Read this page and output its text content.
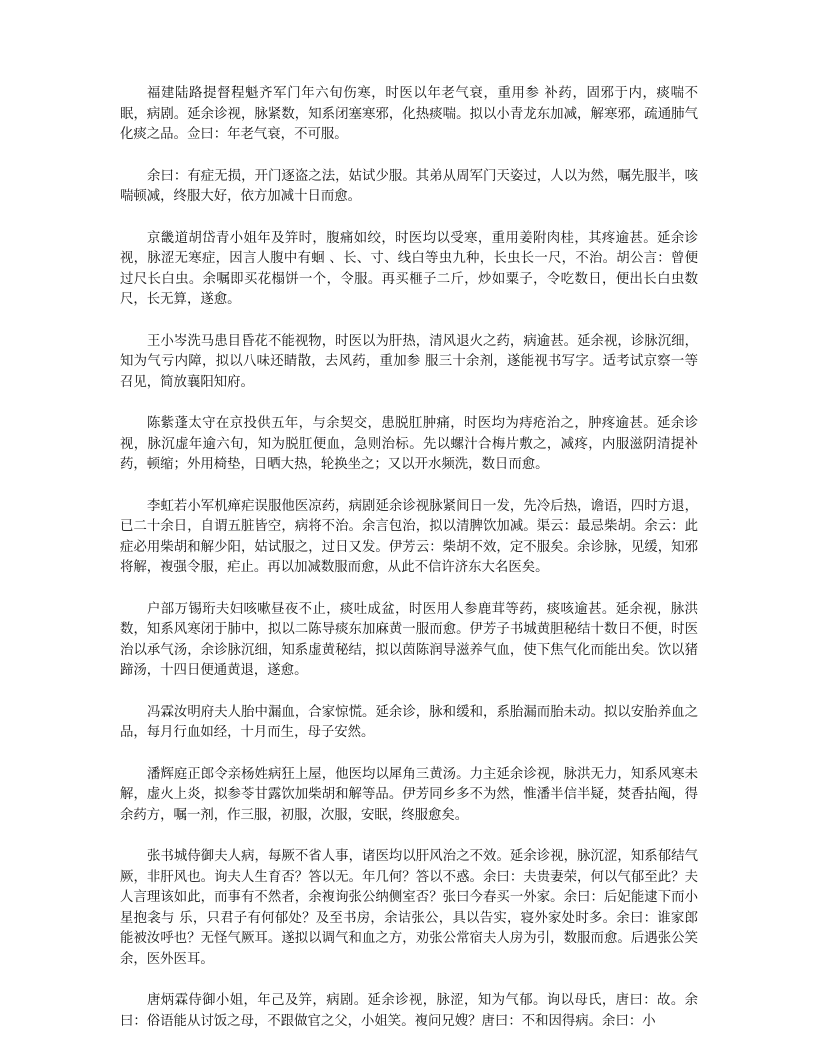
福建陆路提督程魁齐军门年六旬伤寒，时医以年老气衰，重用参 补药，固邪于内，痰喘不眠，病剧。延余诊视，脉紧数，知系闭塞寒邪，化热痰喘。拟以小青龙东加减，解寒邪，疏通肺气化痰之品。佥曰：年老气衰，不可服。

余曰：有症无损，开门逐盗之法，姑试少服。其弟从周军门天姿过，人以为然，嘱先服半，咳喘顿减，终服大好，依方加减十日而愈。

京畿道胡岱青小姐年及笄时，腹痛如绞，时医均以受寒，重用姜附肉桂，其疼逾甚。延余诊视，脉涩无寒症，因言人腹中有蛔 、长、寸、线白等虫九种，长虫长一尺，不治。胡公言：曾便过尺长白虫。余嘱即买花榻饼一个，令服。再买榧子二斤，炒如粟子，令吃数日，便出长白虫数尺，长无算，遂愈。

王小岑洗马患目昏花不能视物，时医以为肝热，清风退火之药，病逾甚。延余视，诊脉沉细，知为气亏内障，拟以八味还睛散，去风药，重加参 服三十余剂，遂能视书写字。适考试京察一等召见，简放襄阳知府。

陈紫蓬太守在京投供五年，与余契交，患脱肛肿痛，时医均为痔疮治之，肿疼逾甚。延余诊视，脉沉虚年逾六旬，知为脱肛便血，急则治标。先以螺汁合梅片敷之，减疼，内服滋阴清提补药，顿缩；外用椅垫，日晒大热，轮换坐之；又以开水频洗，数日而愈。

李虹若小军机瘅疟误服他医凉药，病剧延余诊视脉紧间日一发，先冷后热，谵语，四时方退，已二十余日，自谓五脏皆空，病将不治。余言包治，拟以清脾饮加减。渠云：最忌柴胡。余云：此症必用柴胡和解少阳，姑试服之，过日又发。伊芳云：柴胡不效，定不服矣。余诊脉，见缓，知邪将解，複强令服，疟止。再以加减数服而愈，从此不信许济东大名医矣。

户部万锡珩夫妇咳嗽昼夜不止，痰吐成盆，时医用人参鹿茸等药，痰咳逾甚。延余视，脉洪数，知系风寒闭于肺中，拟以二陈导痰东加麻黄一服而愈。伊芳子书城黄胆秘结十数日不便，时医治以承气汤，余诊脉沉细，知系虚黄秘结，拟以茵陈润导滋养气血，使下焦气化而能出矣。饮以猪蹄汤，十四日便通黄退，遂愈。

冯霖汝明府夫人胎中漏血，合家惊慌。延余诊，脉和缓和，系胎漏而胎未动。拟以安胎养血之品，每月行血如经，十月而生，母子安然。

潘辉庭正郎令亲杨姓病狂上屋，他医均以犀角三黄汤。力主延余诊视，脉洪无力，知系风寒未解，虚火上炎，拟参苓甘露饮加柴胡和解等品。伊芳同乡多不为然，惟潘半信半疑，焚香拈阄，得余药方，嘱一剂，作三服，初服，次服，安眠，终服愈矣。

张书城侍御夫人病，每厥不省人事，诸医均以肝风治之不效。延余诊视，脉沉涩，知系郁结气厥，非肝风也。询夫人生育否？答以无。年几何？答以不惑。余曰：夫贵妻荣，何以气郁至此？夫人言理该如此，而事有不然者，余複询张公纳侧室否？张曰今春买一外家。余曰：后妃能逮下而小星抱衾与 乐，只君子有何郁处？及至书房，余诘张公，具以告实，寝外家处时多。余曰：谁家郎能被汝呼也？无怪气厥耳。遂拟以调气和血之方，劝张公常宿夫人房为引，数服而愈。后遇张公笑余，医外医耳。

唐炳霖侍御小姐，年己及笄，病剧。延余诊视，脉涩，知为气郁。询以母氏，唐曰：故。余曰：俗语能从讨饭之母，不跟做官之父，小姐笑。複问兄嫂？唐曰：不和因得病。余曰：小
